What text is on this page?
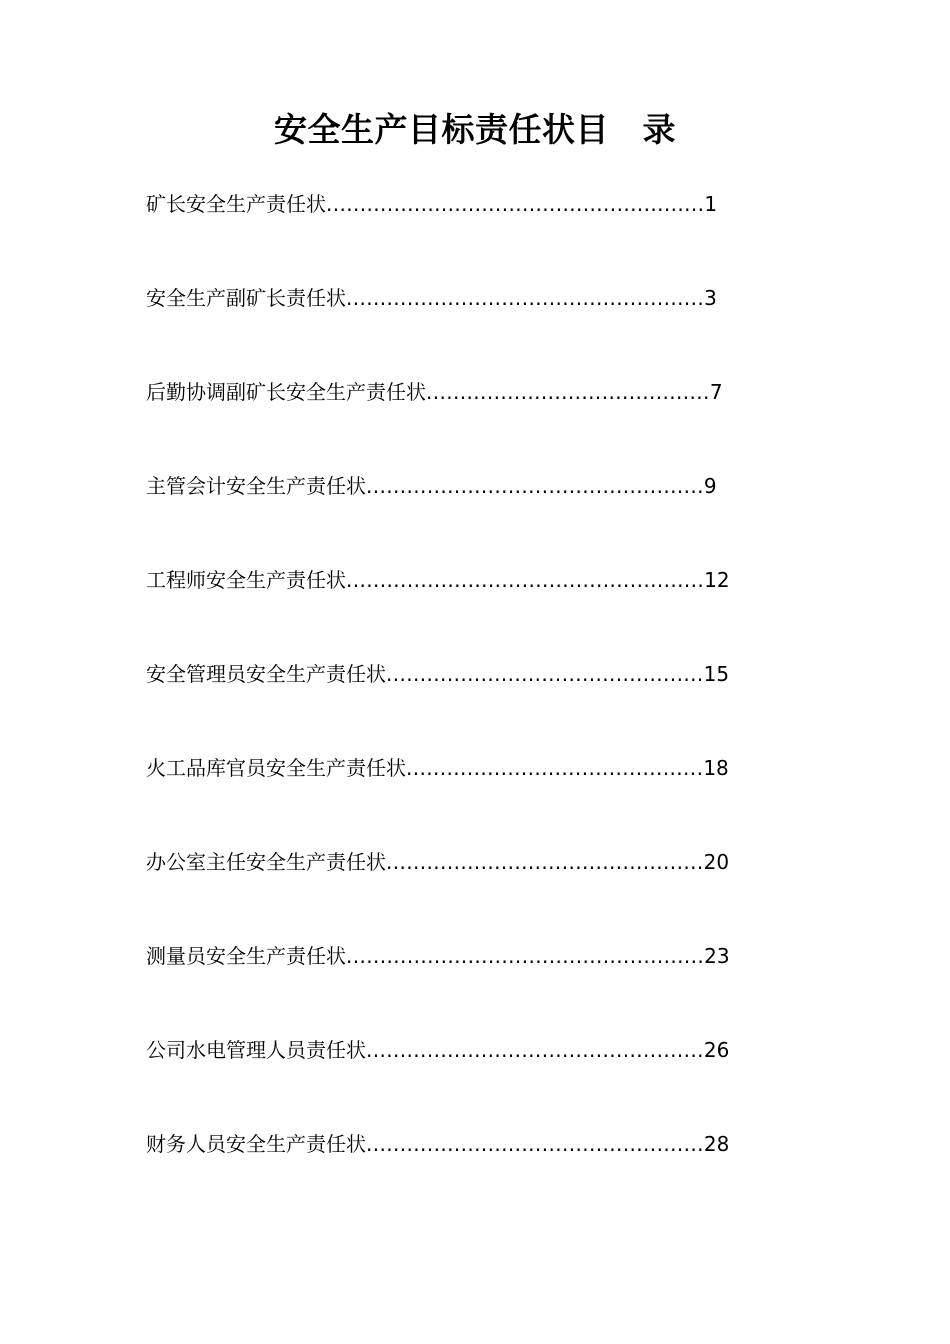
安全生产目标责任状目　录
矿长安全生产责任状 ........................................................ 1
安全生产副矿长责任状 ..................................................... 3
后勤协调副矿长安全生产责任状 .......................................... 7
主管会计安全生产责任状 .................................................. 9
工程师安全生产责任状 ..................................................... 12
安全管理员安全生产责任状 ............................................... 15
火工品库官员安全生产责任状 ............................................ 18
办公室主任安全生产责任状 ............................................... 20
测量员安全生产责任状 ..................................................... 23
公司水电管理人员责任状 .................................................. 26
财务人员安全生产责任状 .................................................. 28
